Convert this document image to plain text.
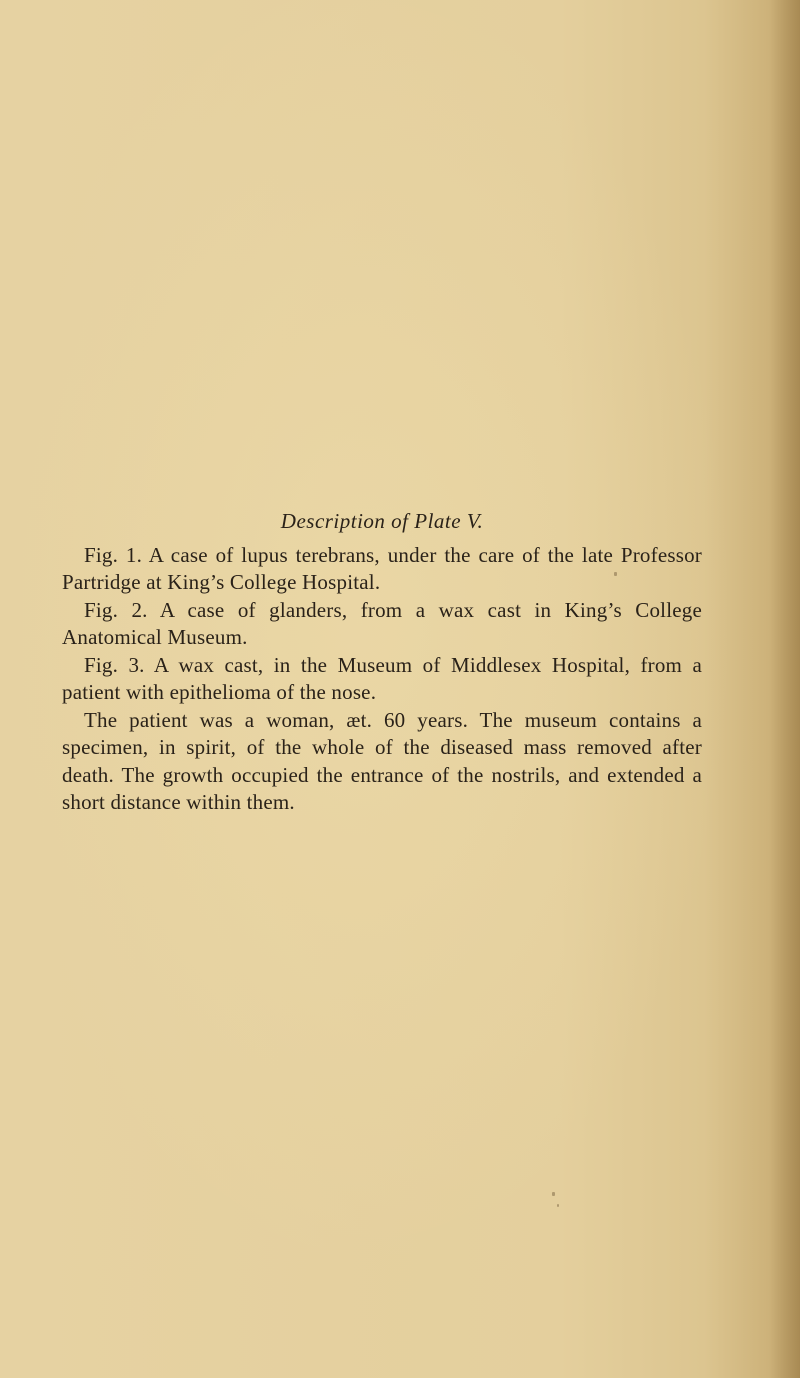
Description of Plate V.

Fig. 1. A case of lupus terebrans, under the care of the late Professor Partridge at King’s College Hospital.

Fig. 2. A case of glanders, from a wax cast in King’s College Anatomical Museum.

Fig. 3. A wax cast, in the Museum of Middlesex Hospital, from a patient with epithelioma of the nose.

The patient was a woman, æt. 60 years. The museum contains a specimen, in spirit, of the whole of the diseased mass removed after death. The growth occupied the entrance of the nostrils, and extended a short distance within them.
